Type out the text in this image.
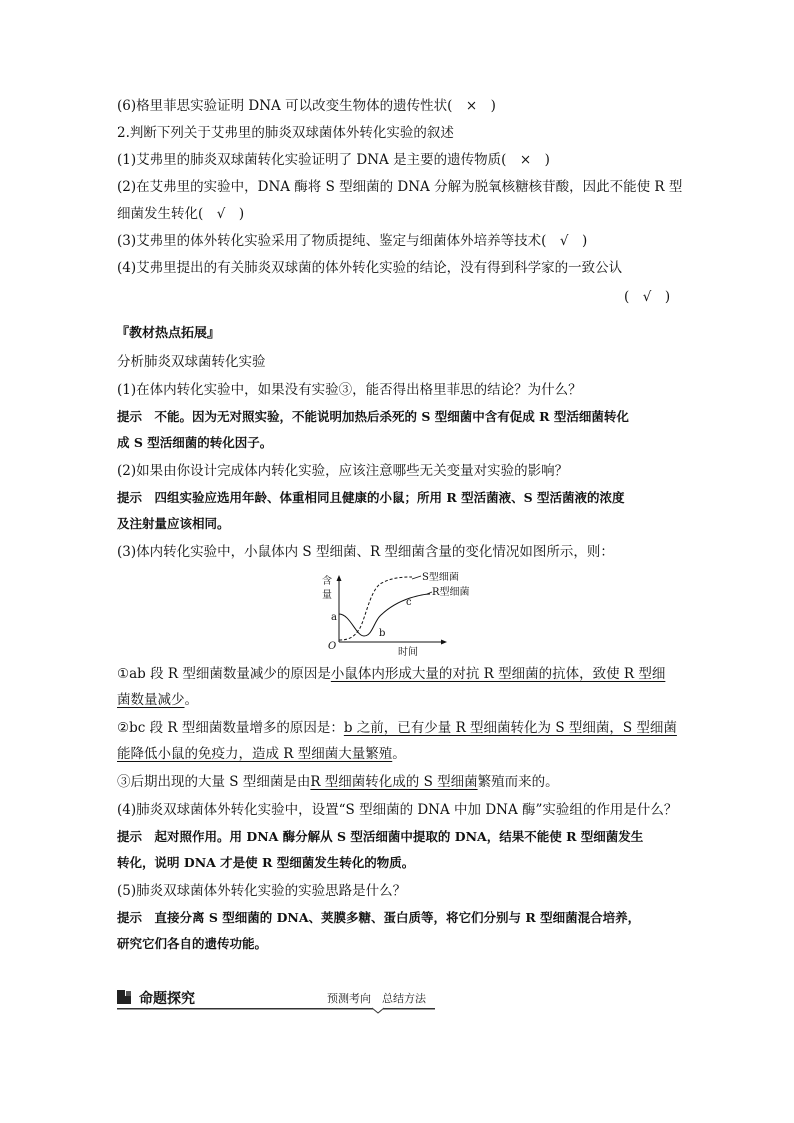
(6)格里菲思实验证明 DNA 可以改变生物体的遗传性状(　×　)
2.判断下列关于艾弗里的肺炎双球菌体外转化实验的叙述
(1)艾弗里的肺炎双球菌转化实验证明了 DNA 是主要的遗传物质(　×　)
(2)在艾弗里的实验中，DNA 酶将 S 型细菌的 DNA 分解为脱氧核糖核苷酸，因此不能使 R 型
细菌发生转化(　√　)
(3)艾弗里的体外转化实验采用了物质提纯、鉴定与细菌体外培养等技术(　√　)
(4)艾弗里提出的有关肺炎双球菌的体外转化实验的结论，没有得到科学家的一致公认
(　√　)
『教材热点拓展』
分析肺炎双球菌转化实验
(1)在体内转化实验中，如果没有实验③，能否得出格里菲思的结论？为什么？
提示　不能。因为无对照实验，不能说明加热后杀死的 S 型细菌中含有促成 R 型活细菌转化
成 S 型活细菌的转化因子。
(2)如果由你设计完成体内转化实验，应该注意哪些无关变量对实验的影响？
提示　四组实验应选用年龄、体重相同且健康的小鼠；所用 R 型活菌液、S 型活菌液的浓度
及注射量应该相同。
(3)体内转化实验中，小鼠体内 S 型细菌、R 型细菌含量的变化情况如图所示，则：
含
量
O
a
b
c
时间
S型细菌
R型细菌
①ab 段 R 型细菌数量减少的原因是小鼠体内形成大量的对抗 R 型细菌的抗体，致使 R 型细
菌数量减少。
②bc 段 R 型细菌数量增多的原因是：b 之前，已有少量 R 型细菌转化为 S 型细菌，S 型细菌
能降低小鼠的免疫力，造成 R 型细菌大量繁殖。
③后期出现的大量 S 型细菌是由R 型细菌转化成的 S 型细菌繁殖而来的。
(4)肺炎双球菌体外转化实验中，设置“S 型细菌的 DNA 中加 DNA 酶”实验组的作用是什么？
提示　起对照作用。用 DNA 酶分解从 S 型活细菌中提取的 DNA，结果不能使 R 型细菌发生
转化，说明 DNA 才是使 R 型细菌发生转化的物质。
(5)肺炎双球菌体外转化实验的实验思路是什么？
提示　直接分离 S 型细菌的 DNA、荚膜多糖、蛋白质等，将它们分别与 R 型细菌混合培养，
研究它们各自的遗传功能。
命题探究	预测考向　总结方法
